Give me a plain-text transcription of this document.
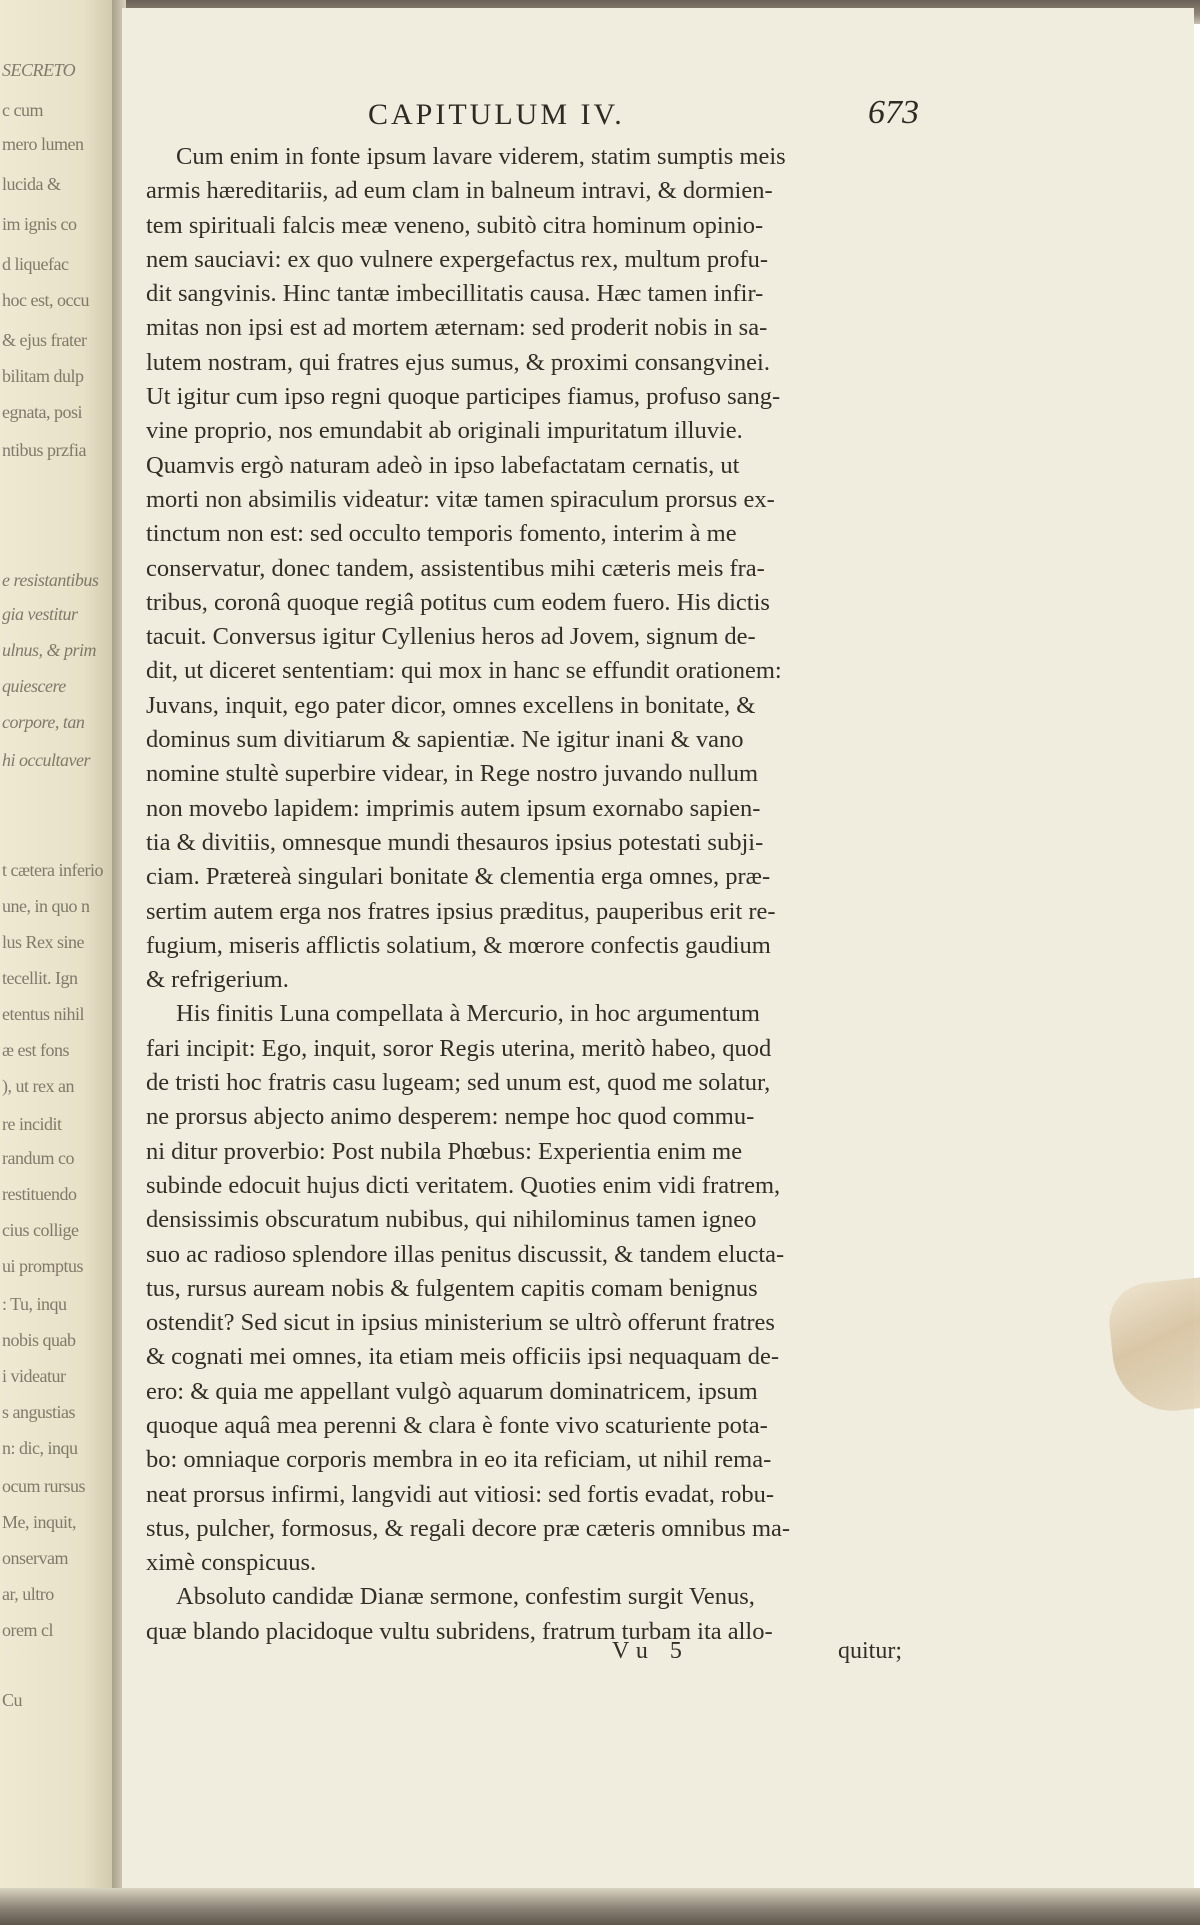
SECRETO

c cum

mero lumen

lucida &

im ignis co

d liquefac

hoc est, occu

& ejus frater

bilitam dulp

egnata, posi

ntibus przfia

e resistantibus

gia vestitur

ulnus, & prim

quiescere

corpore, tan

hi occultaver

t cætera inferio

une, in quo n

lus Rex sine

tecellit. Ign

etentus nihil

æ est fons

), ut rex an

re incidit

randum co

restituendo

cius collige

ui promptus

: Tu, inqu

nobis quab

i videatur

s angustias

n: dic, inqu

ocum rursus

Me, inquit,

onservam

ar, ultro

orem cl

Cu

CAPITULUM IV.	673

Cum enim in fonte ipsum lavare viderem, statim sumptis meis

armis hæreditariis, ad eum clam in balneum intravi, & dormien-

tem spirituali falcis meæ veneno, subitò citra hominum opinio-

nem sauciavi: ex quo vulnere expergefactus rex, multum profu-

dit sangvinis. Hinc tantæ imbecillitatis causa. Hæc tamen infir-

mitas non ipsi est ad mortem æternam: sed proderit nobis in sa-

lutem nostram, qui fratres ejus sumus, & proximi consangvinei.

Ut igitur cum ipso regni quoque participes fiamus, profuso sang-

vine proprio, nos emundabit ab originali impuritatum illuvie.

Quamvis ergò naturam adeò in ipso labefactatam cernatis, ut

morti non absimilis videatur: vitæ tamen spiraculum prorsus ex-

tinctum non est: sed occulto temporis fomento, interim à me

conservatur, donec tandem, assistentibus mihi cæteris meis fra-

tribus, coronâ quoque regiâ potitus cum eodem fuero. His dictis

tacuit. Conversus igitur Cyllenius heros ad Jovem, signum de-

dit, ut diceret sententiam: qui mox in hanc se effundit orationem:

Juvans, inquit, ego pater dicor, omnes excellens in bonitate, &

dominus sum divitiarum & sapientiæ. Ne igitur inani & vano

nomine stultè superbire videar, in Rege nostro juvando nullum

non movebo lapidem: imprimis autem ipsum exornabo sapien-

tia & divitiis, omnesque mundi thesauros ipsius potestati subji-

ciam. Prætereà singulari bonitate & clementia erga omnes, præ-

sertim autem erga nos fratres ipsius præditus, pauperibus erit re-

fugium, miseris afflictis solatium, & mœrore confectis gaudium

& refrigerium.

His finitis Luna compellata à Mercurio, in hoc argumentum

fari incipit: Ego, inquit, soror Regis uterina, meritò habeo, quod

de tristi hoc fratris casu lugeam; sed unum est, quod me solatur,

ne prorsus abjecto animo desperem: nempe hoc quod commu-

ni ditur proverbio: Post nubila Phœbus: Experientia enim me

subinde edocuit hujus dicti veritatem. Quoties enim vidi fratrem,

densissimis obscuratum nubibus, qui nihilominus tamen igneo

suo ac radioso splendore illas penitus discussit, & tandem elucta-

tus, rursus auream nobis & fulgentem capitis comam benignus

ostendit? Sed sicut in ipsius ministerium se ultrò offerunt fratres

& cognati mei omnes, ita etiam meis officiis ipsi nequaquam de-

ero: & quia me appellant vulgò aquarum dominatricem, ipsum

quoque aquâ mea perenni & clara è fonte vivo scaturiente pota-

bo: omniaque corporis membra in eo ita reficiam, ut nihil rema-

neat prorsus infirmi, langvidi aut vitiosi: sed fortis evadat, robu-

stus, pulcher, formosus, & regali decore præ cæteris omnibus ma-

ximè conspicuus.

Absoluto candidæ Dianæ sermone, confestim surgit Venus,

quæ blando placidoque vultu subridens, fratrum turbam ita allo-

Vu 5	quitur;
